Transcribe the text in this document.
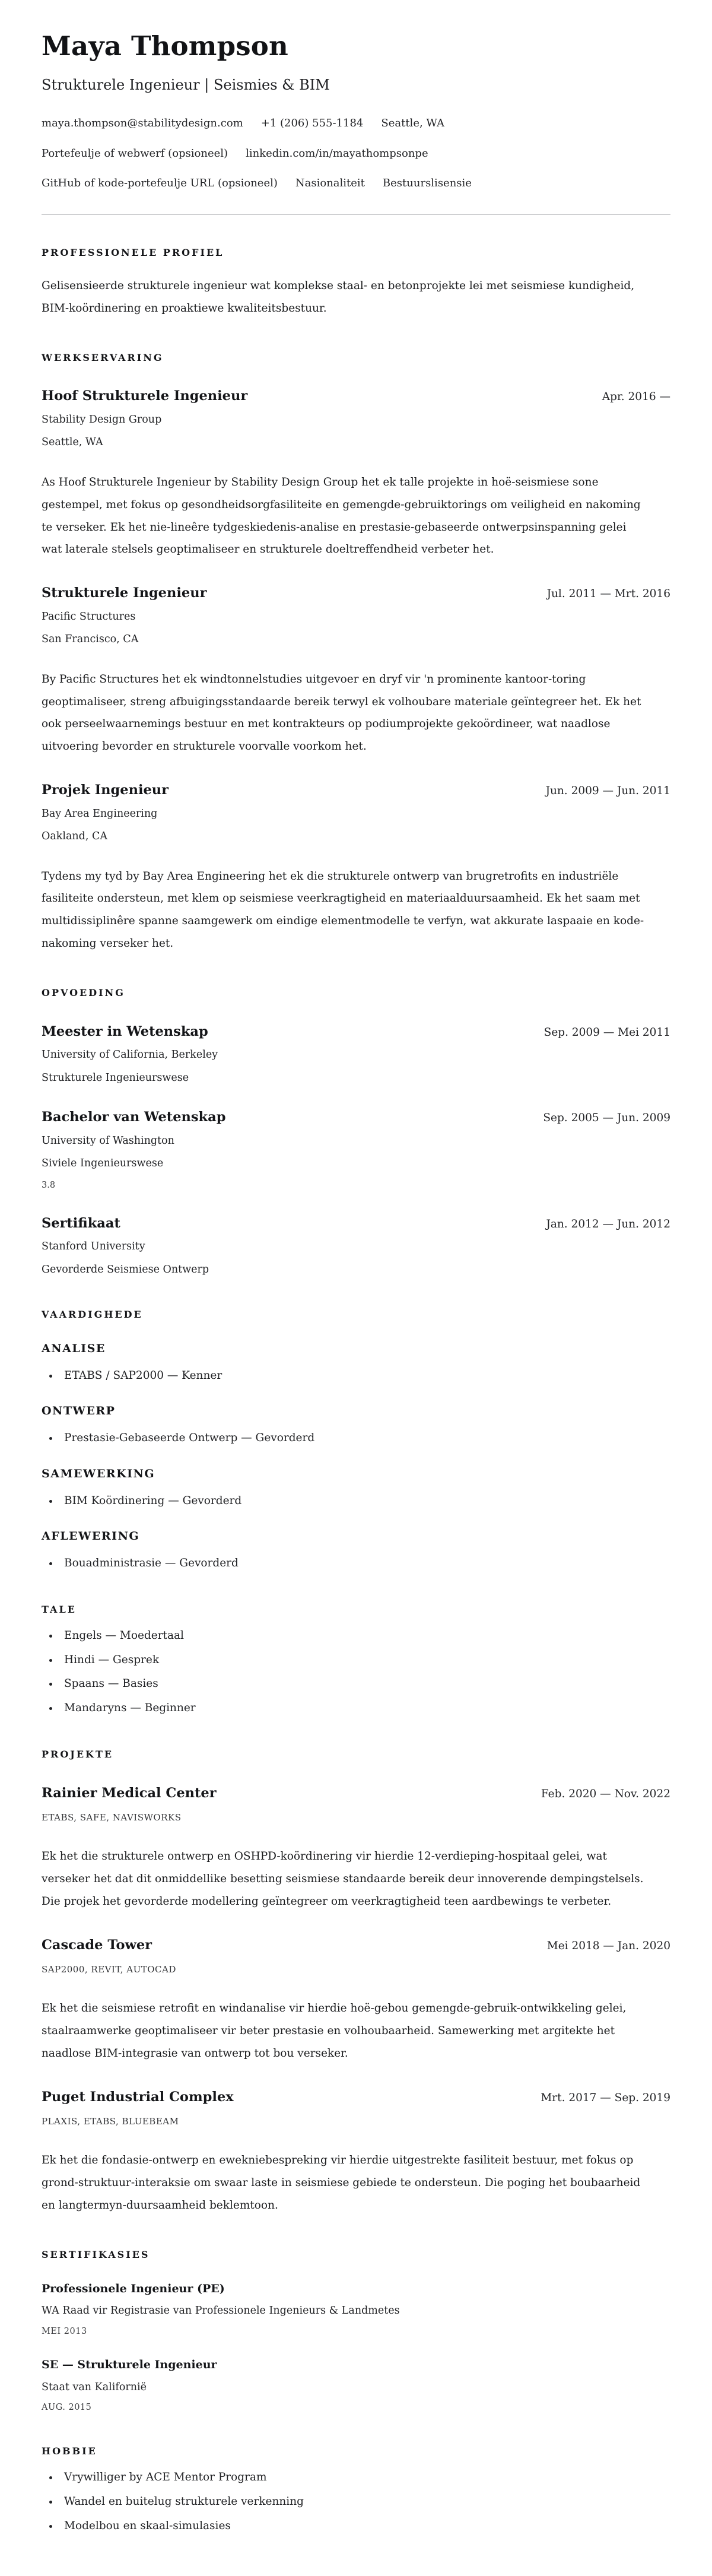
Maya Thompson
Strukturele Ingenieur | Seismies & BIM
maya.thompson@stabilitydesign.com +1 (206) 555-1184 Seattle, WA
Portefeulje of webwerf (opsioneel) linkedin.com/in/mayathompsonpe
GitHub of kode-portefeulje URL (opsioneel) Nasionaliteit Bestuurslisensie
PROFESSIONELE PROFIEL

Gelisensieerde strukturele ingenieur wat komplekse staal- en betonprojekte lei met seismiese kundigheid, BIM-koördinering en proaktiewe kwaliteitsbestuur.

WERKSERVARING
Hoof Strukturele Ingenieur	Apr. 2016 —
Stability Design Group
Seattle, WA

As Hoof Strukturele Ingenieur by Stability Design Group het ek talle projekte in hoë-seismiese sone gestempel, met fokus op gesondheidsorgfasiliteite en gemengde-gebruiktorings om veiligheid en nakoming te verseker. Ek het nie-lineêre tydgeskiedenis-analise en prestasie-gebaseerde ontwerpsinspanning gelei wat laterale stelsels geoptimaliseer en strukturele doeltreffendheid verbeter het.

Strukturele Ingenieur	Jul. 2011 — Mrt. 2016
Pacific Structures
San Francisco, CA

By Pacific Structures het ek windtonnelstudies uitgevoer en dryf vir 'n prominente kantoor-toring geoptimaliseer, streng afbuigingsstandaarde bereik terwyl ek volhoubare materiale geïntegreer het. Ek het ook perseelwaarnemings bestuur en met kontrakteurs op podiumprojekte gekoördineer, wat naadlose uitvoering bevorder en strukturele voorvalle voorkom het.

Projek Ingenieur	Jun. 2009 — Jun. 2011
Bay Area Engineering
Oakland, CA

Tydens my tyd by Bay Area Engineering het ek die strukturele ontwerp van brugretrofits en industriële fasiliteite ondersteun, met klem op seismiese veerkragtigheid en materiaalduursaamheid. Ek het saam met multidissiplinêre spanne saamgewerk om eindige elementmodelle te verfyn, wat akkurate laspaaie en kode-nakoming verseker het.

OPVOEDING
Meester in Wetenskap	Sep. 2009 — Mei 2011
University of California, Berkeley
Strukturele Ingenieurswese
Bachelor van Wetenskap	Sep. 2005 — Jun. 2009
University of Washington
Siviele Ingenieurswese
3.8
Sertifikaat	Jan. 2012 — Jun. 2012
Stanford University
Gevorderde Seismiese Ontwerp
VAARDIGHEDE
ANALISE
• ETABS / SAP2000 — Kenner
ONTWERP
• Prestasie-Gebaseerde Ontwerp — Gevorderd
SAMEWERKING
• BIM Koördinering — Gevorderd
AFLEWERING
• Bouadministrasie — Gevorderd
TALE
• Engels — Moedertaal
• Hindi — Gesprek
• Spaans — Basies
• Mandaryns — Beginner
PROJEKTE
Rainier Medical Center	Feb. 2020 — Nov. 2022
ETABS, SAFE, NAVISWORKS

Ek het die strukturele ontwerp en OSHPD-koördinering vir hierdie 12-verdieping-hospitaal gelei, wat verseker het dat dit onmiddellike besetting seismiese standaarde bereik deur innoverende dempingstelsels. Die projek het gevorderde modellering geïntegreer om veerkragtigheid teen aardbewings te verbeter.

Cascade Tower	Mei 2018 — Jan. 2020
SAP2000, REVIT, AUTOCAD

Ek het die seismiese retrofit en windanalise vir hierdie hoë-gebou gemengde-gebruik-ontwikkeling gelei, staalraamwerke geoptimaliseer vir beter prestasie en volhoubaarheid. Samewerking met argitekte het naadlose BIM-integrasie van ontwerp tot bou verseker.

Puget Industrial Complex	Mrt. 2017 — Sep. 2019
PLAXIS, ETABS, BLUEBEAM

Ek het die fondasie-ontwerp en ewekniebespreking vir hierdie uitgestrekte fasiliteit bestuur, met fokus op grond-struktuur-interaksie om swaar laste in seismiese gebiede te ondersteun. Die poging het boubaarheid en langtermyn-duursaamheid beklemtoon.

SERTIFIKASIES
Professionele Ingenieur (PE)
WA Raad vir Registrasie van Professionele Ingenieurs & Landmetes
MEI 2013
SE — Strukturele Ingenieur
Staat van Kalifornië
AUG. 2015
HOBBIE
• Vrywilliger by ACE Mentor Program
• Wandel en buitelug strukturele verkenning
• Modelbou en skaal-simulasies
